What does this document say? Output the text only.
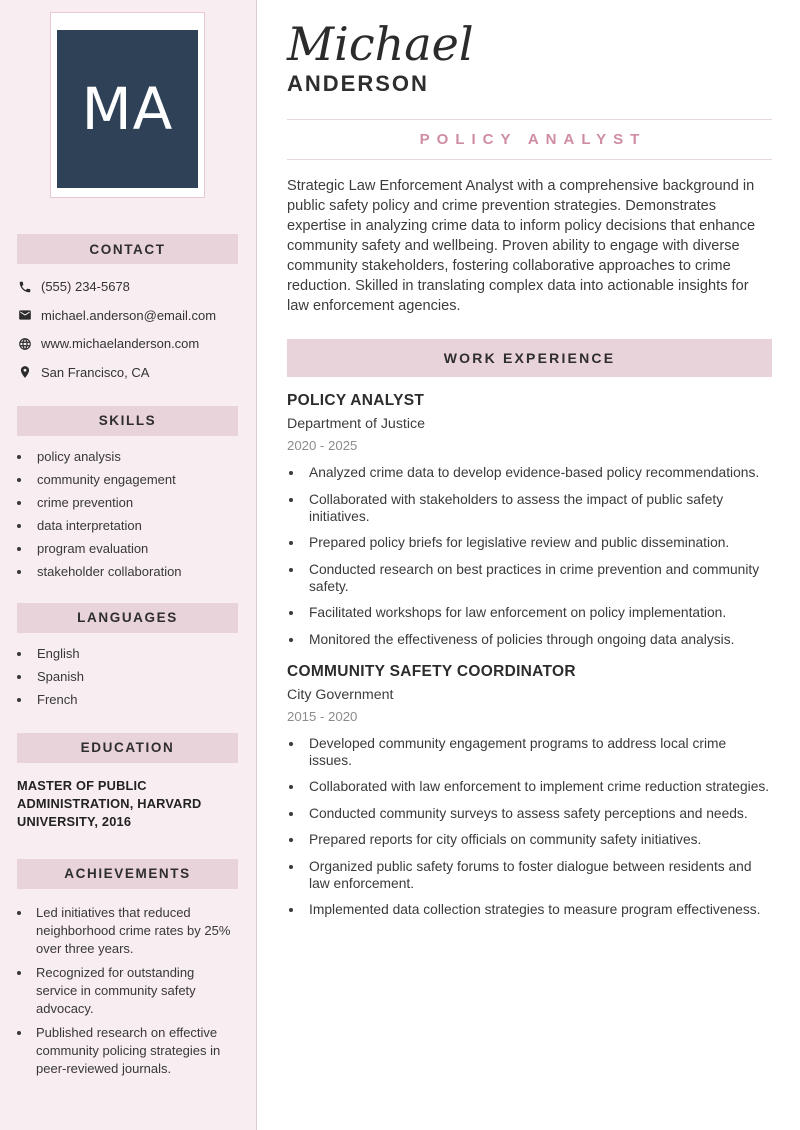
MA
CONTACT
(555) 234-5678
michael.anderson@email.com
www.michaelanderson.com
San Francisco, CA
SKILLS
• policy analysis
• community engagement
• crime prevention
• data interpretation
• program evaluation
• stakeholder collaboration
LANGUAGES
• English
• Spanish
• French
EDUCATION
MASTER OF PUBLIC ADMINISTRATION, HARVARD UNIVERSITY, 2016
ACHIEVEMENTS
• Led initiatives that reduced neighborhood crime rates by 25% over three years.
• Recognized for outstanding service in community safety advocacy.
• Published research on effective community policing strategies in peer-reviewed journals.
Michael
ANDERSON
POLICY ANALYST

Strategic Law Enforcement Analyst with a comprehensive background in public safety policy and crime prevention strategies. Demonstrates expertise in analyzing crime data to inform policy decisions that enhance community safety and wellbeing. Proven ability to engage with diverse community stakeholders, fostering collaborative approaches to crime reduction. Skilled in translating complex data into actionable insights for law enforcement agencies.

WORK EXPERIENCE
POLICY ANALYST
Department of Justice
2020 - 2025
• Analyzed crime data to develop evidence-based policy recommendations.
• Collaborated with stakeholders to assess the impact of public safety initiatives.
• Prepared policy briefs for legislative review and public dissemination.
• Conducted research on best practices in crime prevention and community safety.
• Facilitated workshops for law enforcement on policy implementation.
• Monitored the effectiveness of policies through ongoing data analysis.
COMMUNITY SAFETY COORDINATOR
City Government
2015 - 2020
• Developed community engagement programs to address local crime issues.
• Collaborated with law enforcement to implement crime reduction strategies.
• Conducted community surveys to assess safety perceptions and needs.
• Prepared reports for city officials on community safety initiatives.
• Organized public safety forums to foster dialogue between residents and law enforcement.
• Implemented data collection strategies to measure program effectiveness.
